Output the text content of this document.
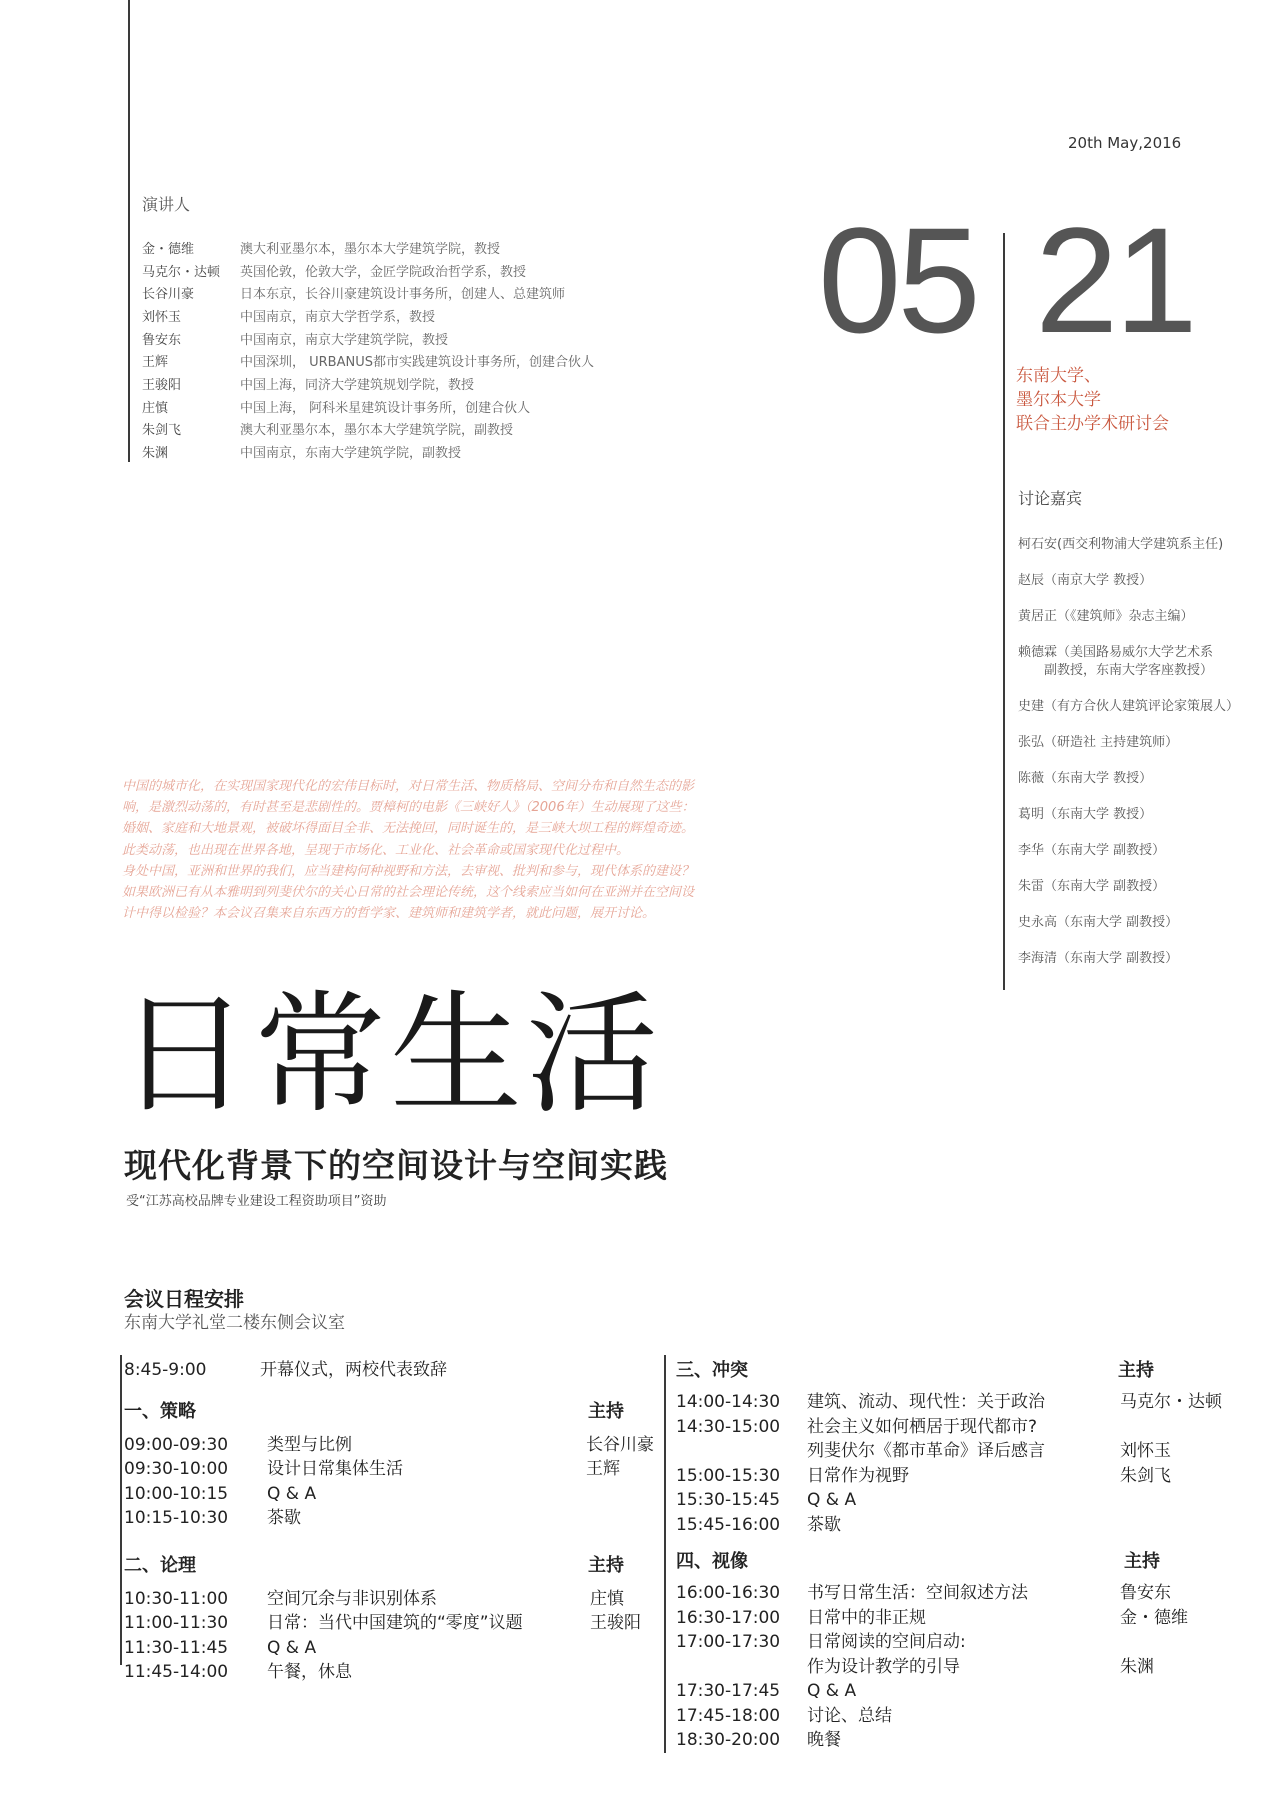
20th May,2016
05 21
东南大学、
墨尔本大学
联合主办学术研讨会
演讲人
金・德维	澳大利亚墨尔本，墨尔本大学建筑学院，教授
马克尔・达顿	英国伦敦，伦敦大学，金匠学院政治哲学系，教授
长谷川豪	日本东京，长谷川豪建筑设计事务所，创建人、总建筑师
刘怀玉	中国南京，南京大学哲学系，教授
鲁安东	中国南京，南京大学建筑学院，教授
王辉	中国深圳， URBANUS都市实践建筑设计事务所，创建合伙人
王骏阳	中国上海，同济大学建筑规划学院，教授
庄慎	中国上海， 阿科米星建筑设计事务所，创建合伙人
朱剑飞	澳大利亚墨尔本，墨尔本大学建筑学院，副教授
朱渊	中国南京，东南大学建筑学院，副教授
讨论嘉宾
柯石安(西交利物浦大学建筑系主任)
赵辰（南京大学 教授）
黄居正（《建筑师》杂志主编）
赖德霖（美国路易威尔大学艺术系
　　副教授，东南大学客座教授）
史建（有方合伙人建筑评论家策展人）
张弘（研造社 主持建筑师）
陈薇（东南大学 教授）
葛明（东南大学 教授）
李华（东南大学 副教授）
朱雷（东南大学 副教授）
史永高（东南大学 副教授）
李海清（东南大学 副教授）

中国的城市化，在实现国家现代化的宏伟目标时，对日常生活、物质格局、空间分布和自然生态的影响，是激烈动荡的，有时甚至是悲剧性的。贾樟柯的电影《三峡好人》（2006年）生动展现了这些：婚姻、家庭和大地景观，被破坏得面目全非、无法挽回，同时诞生的，是三峡大坝工程的辉煌奇迹。此类动荡，也出现在世界各地，呈现于市场化、工业化、社会革命或国家现代化过程中。

身处中国，亚洲和世界的我们，应当建构何种视野和方法，去审视、批判和参与，现代体系的建设？如果欧洲已有从本雅明到列斐伏尔的关心日常的社会理论传统，这个线索应当如何在亚洲并在空间设计中得以检验？本会议召集来自东西方的哲学家、建筑师和建筑学者，就此问题，展开讨论。

日常生活
现代化背景下的空间设计与空间实践
受“江苏高校品牌专业建设工程资助项目”资助
会议日程安排
东南大学礼堂二楼东侧会议室
8:45-9:00	开幕仪式，两校代表致辞
一、策略	主持
09:00-09:30 类型与比例	长谷川豪
09:30-10:00 设计日常集体生活	王辉
10:00-10:15 Q & A
10:15-10:30 茶歇
二、论理	主持
10:30-11:00 空间冗余与非识别体系	庄慎
11:00-11:30 日常：当代中国建筑的“零度”议题	王骏阳
11:30-11:45 Q & A
11:45-14:00 午餐，休息
三、冲突	主持
14:00-14:30 建筑、流动、现代性：关于政治	马克尔・达顿
14:30-15:00 社会主义如何栖居于现代都市?
列斐伏尔《都市革命》译后感言	刘怀玉
15:00-15:30 日常作为视野	朱剑飞
15:30-15:45 Q & A
15:45-16:00 茶歇
四、视像	主持
16:00-16:30 书写日常生活：空间叙述方法	鲁安东
16:30-17:00 日常中的非正规	金・德维
17:00-17:30 日常阅读的空间启动:
作为设计教学的引导	朱渊
17:30-17:45 Q & A
17:45-18:00 讨论、总结
18:30-20:00 晚餐
